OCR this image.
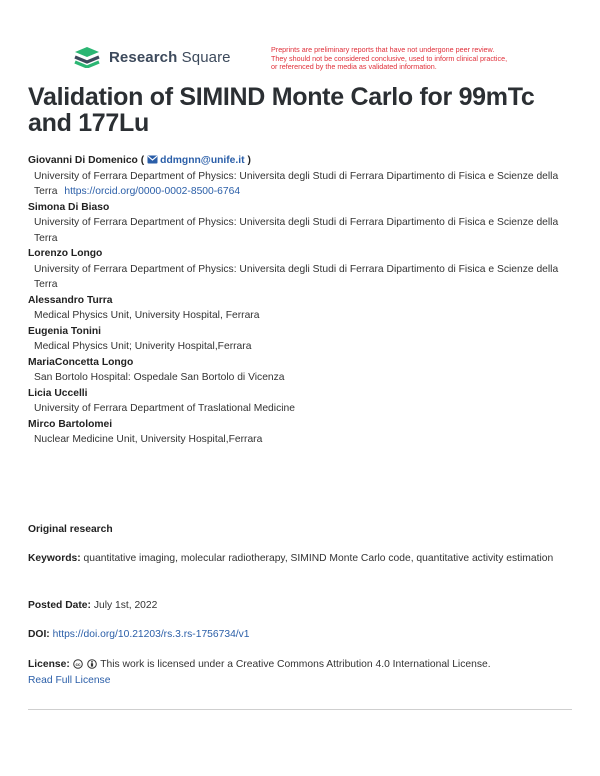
Research Square	Preprints are preliminary reports that have not undergone peer review.
They should not be considered conclusive, used to inform clinical practice,
or referenced by the media as validated information.
Validation of SIMIND Monte Carlo for 99mTc and 177Lu
Giovanni Di Domenico ( ddmgnn@unife.it )
University of Ferrara Department of Physics: Universita degli Studi di Ferrara Dipartimento di Fisica e Scienze della Terra https://orcid.org/0000-0002-8500-6764
Simona Di Biaso
University of Ferrara Department of Physics: Universita degli Studi di Ferrara Dipartimento di Fisica e Scienze della Terra
Lorenzo Longo
University of Ferrara Department of Physics: Universita degli Studi di Ferrara Dipartimento di Fisica e Scienze della Terra
Alessandro Turra
Medical Physics Unit, University Hospital, Ferrara
Eugenia Tonini
Medical Physics Unit; Univerity Hospital,Ferrara
MariaConcetta Longo
San Bortolo Hospital: Ospedale San Bortolo di Vicenza
Licia Uccelli
University of Ferrara Department of Traslational Medicine
Mirco Bartolomei
Nuclear Medicine Unit, University Hospital,Ferrara
Original research
Keywords: quantitative imaging, molecular radiotherapy, SIMIND Monte Carlo code, quantitative activity estimation
Posted Date: July 1st, 2022
DOI: https://doi.org/10.21203/rs.3.rs-1756734/v1
License: cc This work is licensed under a Creative Commons Attribution 4.0 International License.
Read Full License
